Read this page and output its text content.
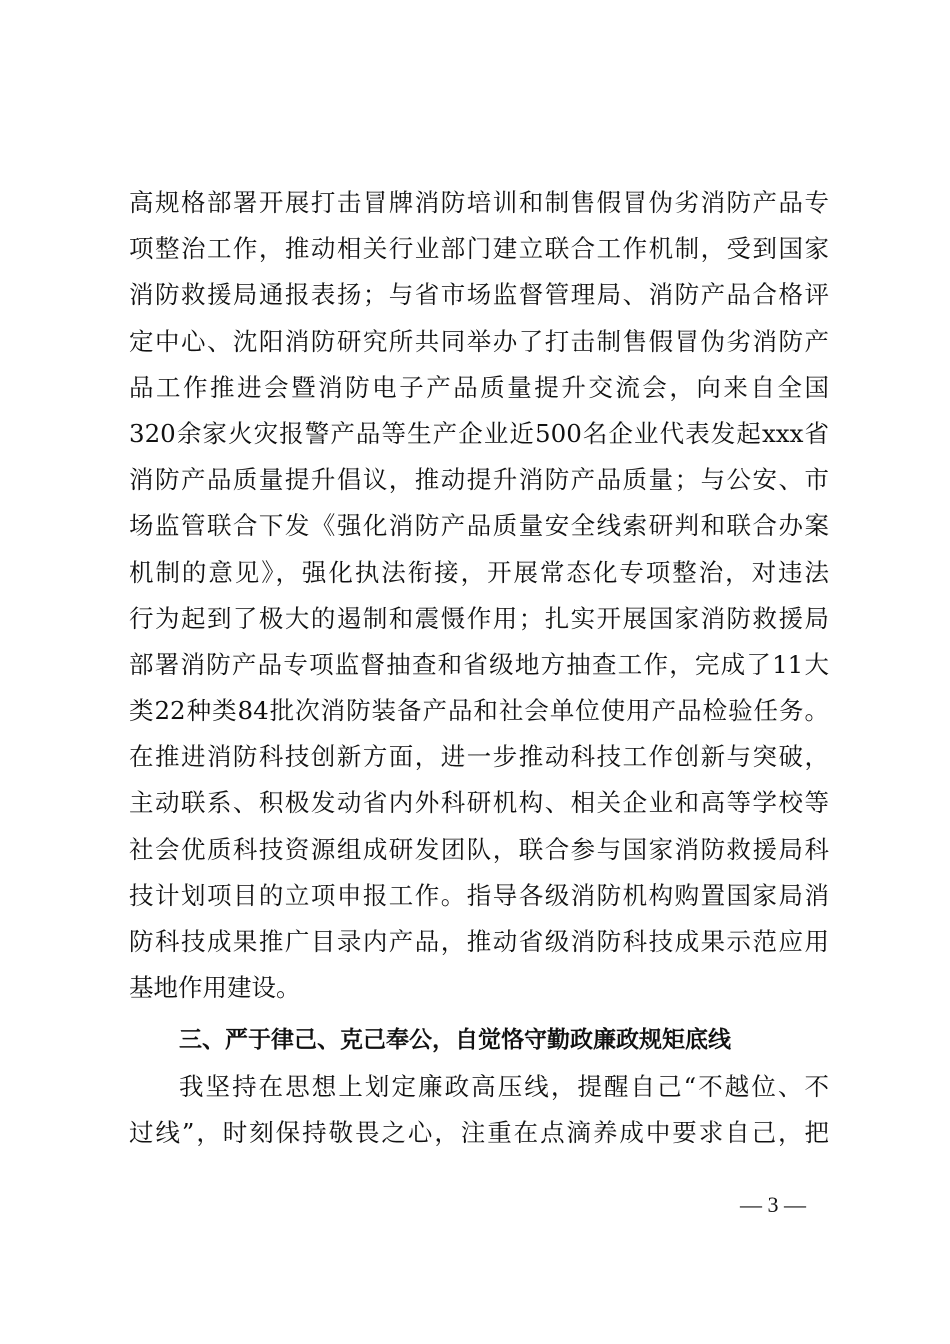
高规格部署开展打击冒牌消防培训和制售假冒伪劣消防产品专
项整治工作，推动相关行业部门建立联合工作机制，受到国家
消防救援局通报表扬；与省市场监督管理局、消防产品合格评
定中心、沈阳消防研究所共同举办了打击制售假冒伪劣消防产
品工作推进会暨消防电子产品质量提升交流会，向来自全国
320余家火灾报警产品等生产企业近500名企业代表发起xxx省
消防产品质量提升倡议，推动提升消防产品质量；与公安、市
场监管联合下发《强化消防产品质量安全线索研判和联合办案
机制的意见》，强化执法衔接，开展常态化专项整治，对违法
行为起到了极大的遏制和震慑作用；扎实开展国家消防救援局
部署消防产品专项监督抽查和省级地方抽查工作，完成了11大
类22种类84批次消防装备产品和社会单位使用产品检验任务。
在推进消防科技创新方面，进一步推动科技工作创新与突破，
主动联系、积极发动省内外科研机构、相关企业和高等学校等
社会优质科技资源组成研发团队，联合参与国家消防救援局科
技计划项目的立项申报工作。指导各级消防机构购置国家局消
防科技成果推广目录内产品，推动省级消防科技成果示范应用
基地作用建设。
三、严于律己、克己奉公，自觉恪守勤政廉政规矩底线
我坚持在思想上划定廉政高压线，提醒自己“不越位、不
过线”，时刻保持敬畏之心，注重在点滴养成中要求自己，把
— 3 —
